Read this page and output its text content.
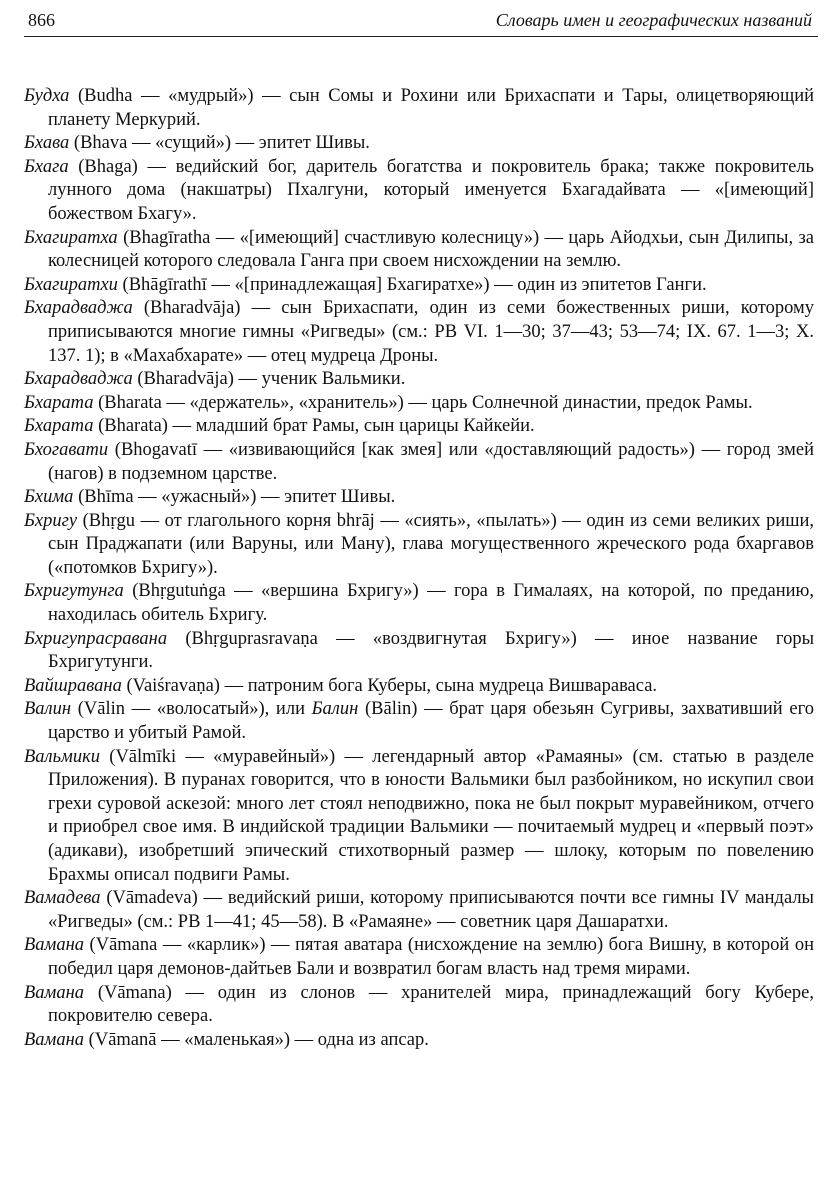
866	Словарь имен и географических названий

Будха (Budha — «мудрый») — сын Сомы и Рохини или Брихаспати и Тары, олицетворяющий планету Меркурий.

Бхава (Bhava — «сущий») — эпитет Шивы.

Бхага (Bhaga) — ведийский бог, даритель богатства и покровитель брака; также покровитель лунного дома (накшатры) Пхалгуни, который именуется Бхагадайвата — «[имеющий] божеством Бхагу».

Бхагиратха (Bhagīratha — «[имеющий] счастливую колесницу») — царь Айодхьи, сын Дилипы, за колесницей которого следовала Ганга при своем нисхождении на землю.

Бхагиратхи (Bhāgīrathī — «[принадлежащая] Бхагиратхе») — один из эпитетов Ганги.

Бхарадваджа (Bharadvāja) — сын Брихаспати, один из семи божественных риши, которому приписываются многие гимны «Ригведы» (см.: РВ VI. 1—30; 37—43; 53—74; IX. 67. 1—3; X. 137. 1); в «Махабхарате» — отец мудреца Дроны.

Бхарадваджа (Bharadvāja) — ученик Вальмики.

Бхарата (Bharata — «держатель», «хранитель») — царь Солнечной династии, предок Рамы.

Бхарата (Bharata) — младший брат Рамы, сын царицы Кайкейи.

Бхогавати (Bhogavatī — «извивающийся [как змея] или «доставляющий радость») — город змей (нагов) в подземном царстве.

Бхима (Bhīma — «ужасный») — эпитет Шивы.

Бхригу (Bhṛgu — от глагольного корня bhrāj — «сиять», «пылать») — один из семи великих риши, сын Праджапати (или Варуны, или Ману), глава могущественного жреческого рода бхаргавов («потомков Бхригу»).

Бхригутунга (Bhṛgutuṅga — «вершина Бхригу») — гора в Гималаях, на которой, по преданию, находилась обитель Бхригу.

Бхригупрасравана (Bhṛguprasravaṇa — «воздвигнутая Бхригу») — иное название горы Бхригутунги.

Вайшравана (Vaiśravaṇa) — патроним бога Куберы, сына мудреца Вишвараваса.

Валин (Vālin — «волосатый»), или Балин (Bālin) — брат царя обезьян Сугривы, захвативший его царство и убитый Рамой.

Вальмики (Vālmīki — «муравейный») — легендарный автор «Рамаяны» (см. статью в разделе Приложения). В пуранах говорится, что в юности Вальмики был разбойником, но искупил свои грехи суровой аскезой: много лет стоял неподвижно, пока не был покрыт муравейником, отчего и приобрел свое имя. В индийской традиции Вальмики — почитаемый мудрец и «первый поэт» (адикави), изобретший эпический стихотворный размер — шлоку, которым по повелению Брахмы описал подвиги Рамы.

Вамадева (Vāmadeva) — ведийский риши, которому приписываются почти все гимны IV мандалы «Ригведы» (см.: РВ 1—41; 45—58). В «Рамаяне» — советник царя Дашаратхи.

Вамана (Vāmana — «карлик») — пятая аватара (нисхождение на землю) бога Вишну, в которой он победил царя демонов-дайтьев Бали и возвратил богам власть над тремя мирами.

Вамана (Vāmana) — один из слонов — хранителей мира, принадлежащий богу Кубере, покровителю севера.

Вамана (Vāmanā — «маленькая») — одна из апсар.
